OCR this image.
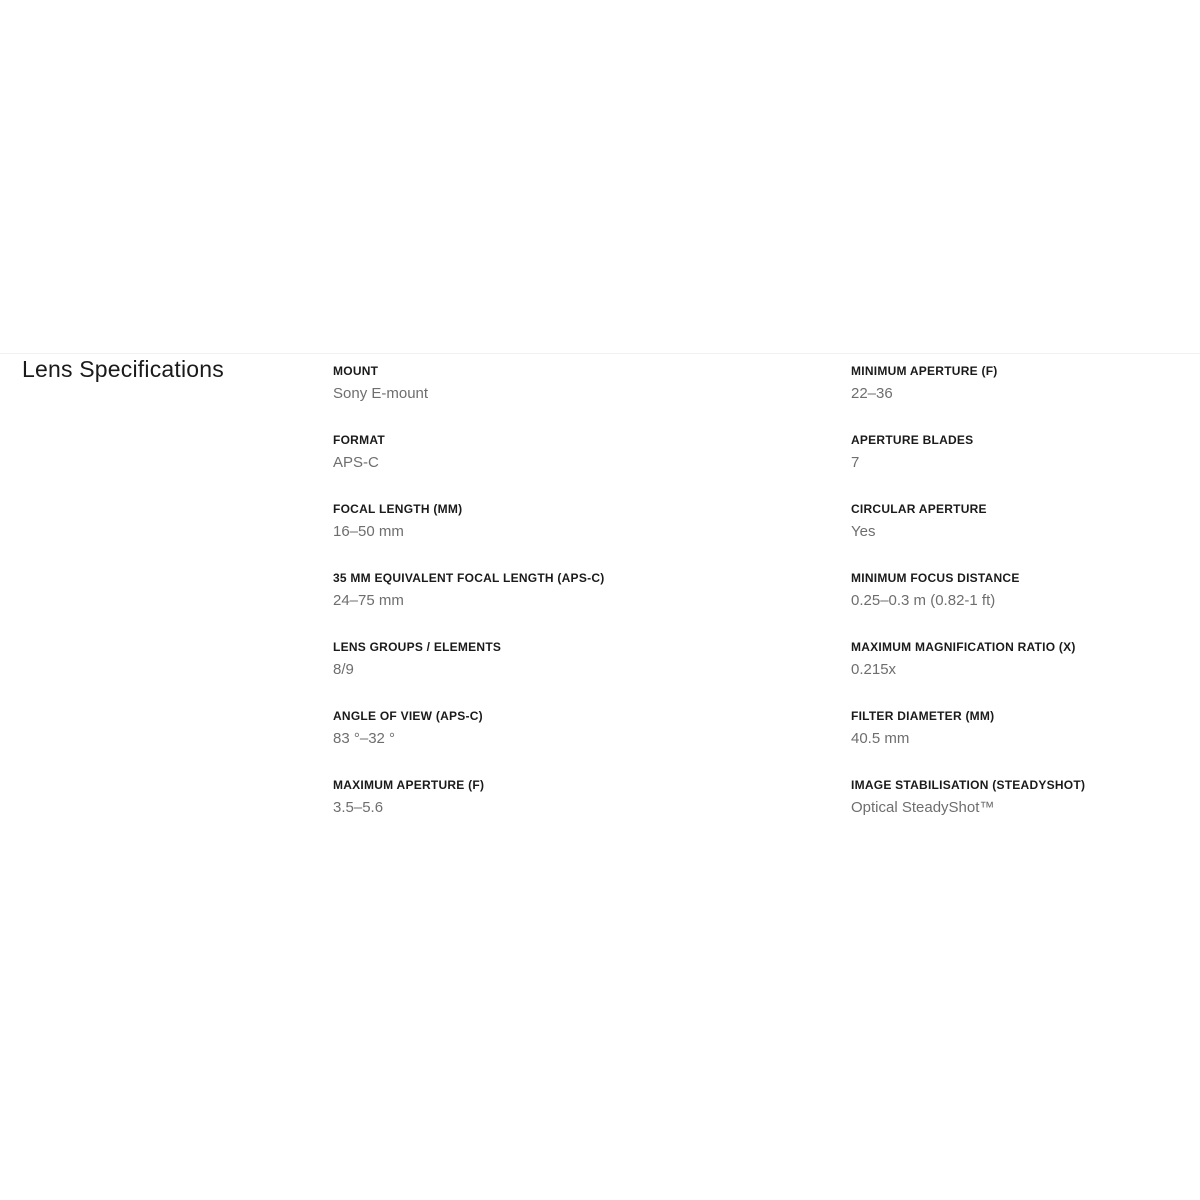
Lens Specifications	MOUNT
Sony E-mount
FORMAT
APS-C
FOCAL LENGTH (MM)
16–50 mm
35 MM EQUIVALENT FOCAL LENGTH (APS-C)
24–75 mm
LENS GROUPS / ELEMENTS
8/9
ANGLE OF VIEW (APS-C)
83 °–32 °
MAXIMUM APERTURE (F)
3.5–5.6
MINIMUM APERTURE (F)
22–36
APERTURE BLADES
7
CIRCULAR APERTURE
Yes
MINIMUM FOCUS DISTANCE
0.25–0.3 m (0.82-1 ft)
MAXIMUM MAGNIFICATION RATIO (X)
0.215x
FILTER DIAMETER (MM)
40.5 mm
IMAGE STABILISATION (STEADYSHOT)
Optical SteadyShot™
